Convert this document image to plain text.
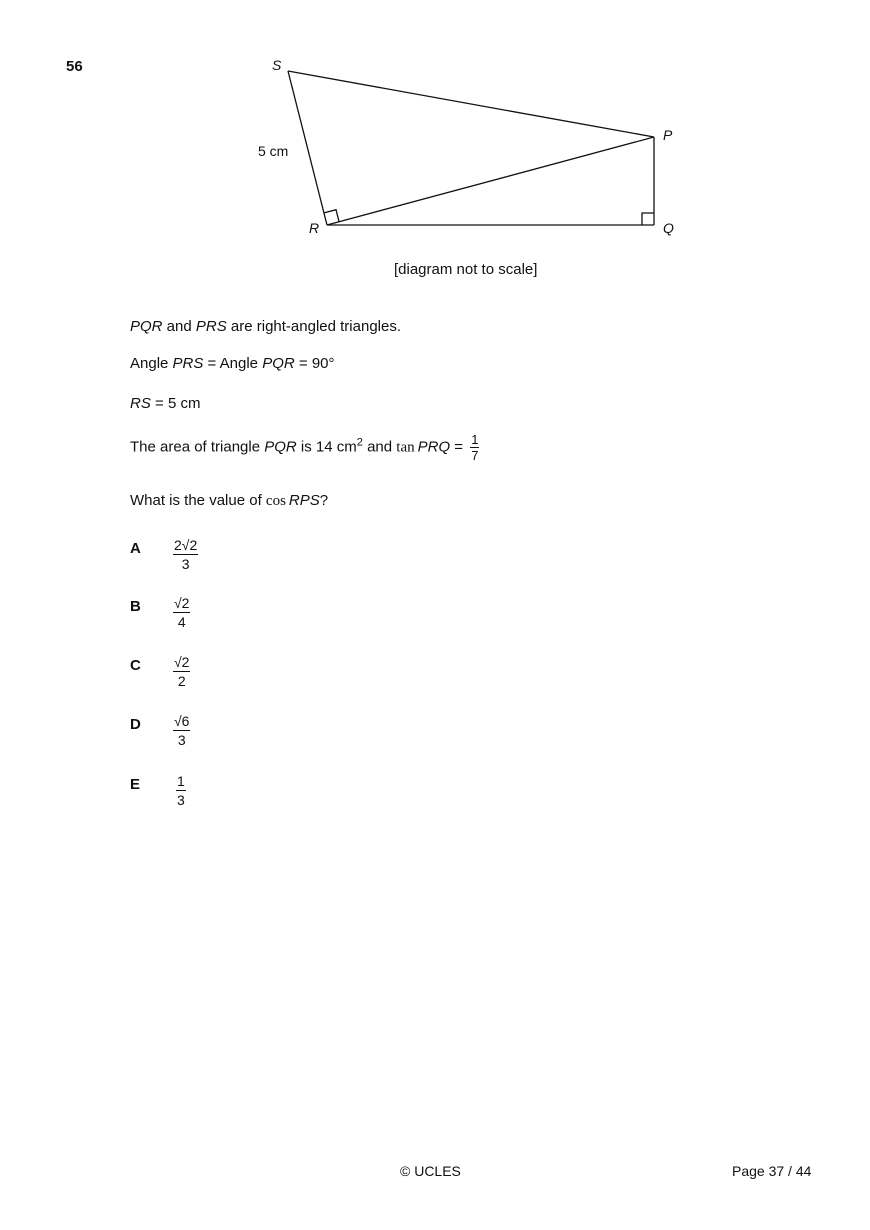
56	S
P
R	Q
5 cm
[diagram not to scale]
PQR and PRS are right-angled triangles.
Angle PRS = Angle PQR = 90°
RS = 5 cm
The area of triangle PQR is 14 $cm^2$ and tan  PRQ = $\frac{1}{7}$
What is the value of cos  RPS?
A $\frac{2√2}{3}$
B $\frac{√2}{4}$
C $\frac{√2}{2}$
D $\frac{√6}{3}$
E	$\frac{1}{3}$
© UCLES	Page 37 / 44
